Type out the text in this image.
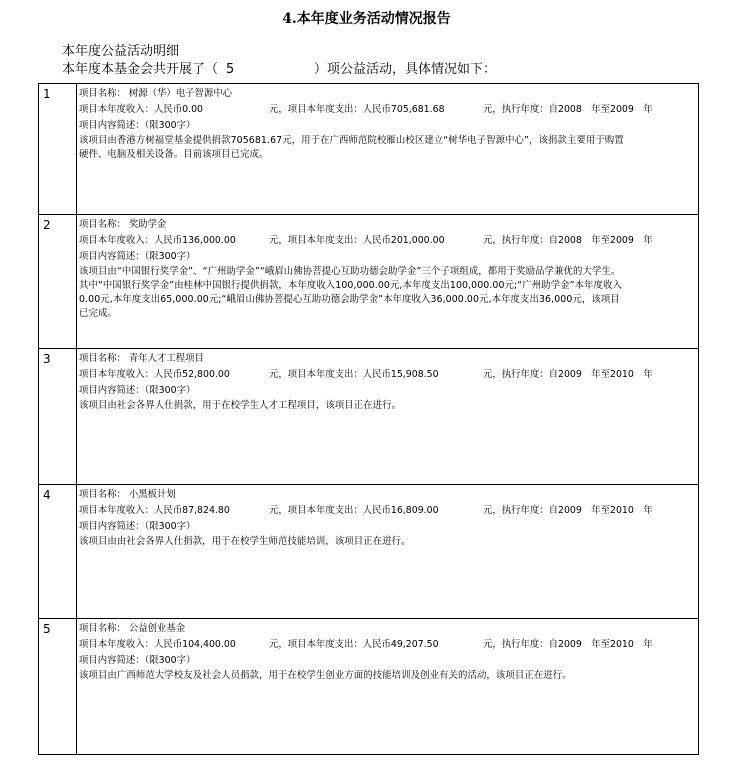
4.本年度业务活动情况报告
本年度公益活动明细
本年度本基金会共开展了（ 5	）项公益活动，具体情况如下：
1	项目名称： 树源（华）电子智源中心
项目本年度收入：人民币0.00 元，项目本年度支出：人民币705,681.68 元，执行年度：自2008　年至2009　年
项目内容简述：（限300字）
该项目由香港方树福堂基金提供捐款705681.67元，用于在广西师范院校雁山校区建立“树华电子智源中心”，该捐款主要用于购置硬件、电脑及相关设备。目前该项目已完成。

2	项目名称： 奖助学金
项目本年度收入：人民币136,000.00 元，项目本年度支出：人民币201,000.00 元，执行年度：自2008　年至2009　年
项目内容简述：（限300字）
该项目由“中国银行奖学金”、“广州助学金”“峨眉山佛协菩提心互助功德会助学金”三个子项组成，都用于奖励品学兼优的大学生。其中“中国银行奖学金”由桂林中国银行提供捐款，本年度收入100,000.00元,本年度支出100,000.00元;“广州助学金”本年度收入0.00元,本年度支出65,000.00元;“峨眉山佛协菩提心互助功德会助学金”本年度收入36,000.00元,本年度支出36,000元，该项目已完成。

3	项目名称： 青年人才工程项目
项目本年度收入：人民币52,800.00 元，项目本年度支出：人民币15,908.50 元，执行年度：自2009　年至2010　年
项目内容简述：（限300字）
该项目由社会各界人仕捐款，用于在校学生人才工程项目，该项目正在进行。

4	项目名称： 小黑板计划
项目本年度收入：人民币87,824.80 元，项目本年度支出：人民币16,809.00 元，执行年度：自2009　年至2010　年
项目内容简述：（限300字）
该项目由由社会各界人仕捐款，用于在校学生师范技能培训，该项目正在进行。

5	项目名称： 公益创业基金
项目本年度收入：人民币104,400.00 元，项目本年度支出：人民币49,207.50 元，执行年度：自2009　年至2010　年
项目内容简述：（限300字）
该项目由广西师范大学校友及社会人员捐款，用于在校学生创业方面的技能培训及创业有关的活动，该项目正在进行。
